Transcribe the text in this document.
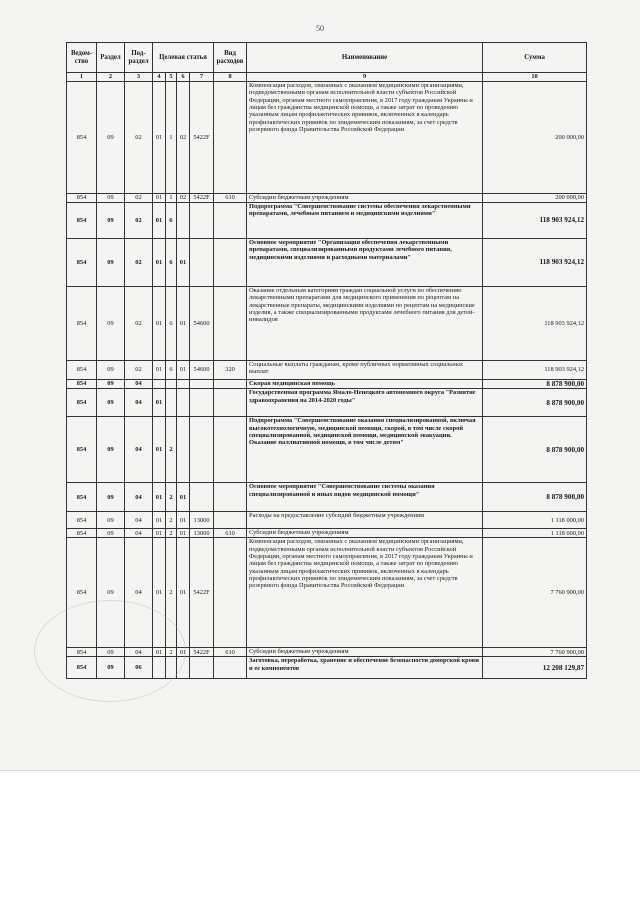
50
Ведом-ство	Раздел	Под-раздел	Целевая статья				Вид расходов	Наименование	Сумма
1	2	3	4	5	6	7	8	9	10
854	09	02	01	1	02	5422F		Компенсация расходов, связанных с оказанием медицинскими организациями, подведомственными органам исполнительной власти субъектов Российской Федерации, органам местного самоуправления, в 2017 году гражданам Украины и лицам без гражданства медицинской помощи, а также затрат по проведению указанным лицам профилактических прививок, включенных в календарь профилактических прививок по эпидемическим показаниям, за счет средств резервного фонда Правительства Российской Федерации	200 000,00
854	09	02	01	1	02	5422F	610	Субсидии бюджетным учреждениям	200 000,00
854	09	02	01	6				Подпрограмма "Совершенствование системы обеспечения лекарственными препаратами, лечебным питанием и медицинскими изделиями"	118 903 924,12
854	09	02	01	6	01			Основное мероприятие "Организация обеспечения лекарственными препаратами, специализированными продуктами лечебного питания, медицинскими изделиями и расходными материалами"	118 903 924,12
854	09	02	01	6	01	54600		Оказание отдельным категориям граждан социальной услуги по обеспечению лекарственными препаратами для медицинского применения по рецептам на лекарственные препараты, медицинскими изделиями по рецептам на медицинские изделия, а также специализированными продуктами лечебного питания для детей-инвалидов	118 903 924,12
854	09	02	01	6	01	54600	320	Социальные выплаты гражданам, кроме публичных нормативных социальных выплат	118 903 924,12
854	09	04						Скорая медицинская помощь	8 878 900,00
854	09	04	01					Государственная программа Ямало-Ненецкого автономного округа "Развитие здравоохранения на 2014-2020 годы"	8 878 900,00
854	09	04	01	2				Подпрограмма "Совершенствование оказания специализированной, включая высокотехнологичную, медицинской помощи, скорой, в том числе скорой специализированной, медицинской помощи, медицинской эвакуации. Оказание паллиативной помощи, в том числе детям"	8 878 900,00
854	09	04	01	2	01			Основное мероприятие "Совершенствование системы оказания специализированной и иных видов медицинской помощи"	8 878 900,00
854	09	04	01	2	01	13000		Расходы на предоставление субсидий бюджетным учреждениям	1 118 000,00
854	09	04	01	2	01	13000	610	Субсидии бюджетным учреждениям	1 118 000,00
854	09	04	01	2	01	5422F		Компенсация расходов, связанных с оказанием медицинскими организациями, подведомственными органам исполнительной власти субъектов Российской Федерации, органам местного самоуправления, в 2017 году гражданам Украины и лицам без гражданства медицинской помощи, а также затрат по проведению указанным лицам профилактических прививок, включенных в календарь профилактических прививок по эпидемическим показаниям, за счет средств резервного фонда Правительства Российской Федерации	7 760 900,00
854	09	04	01	2	01	5422F	610	Субсидии бюджетным учреждениям	7 760 900,00
854	09	06						Заготовка, переработка, хранение и обеспечение безопасности донорской крови и ее компонентов	12 208 129,87
